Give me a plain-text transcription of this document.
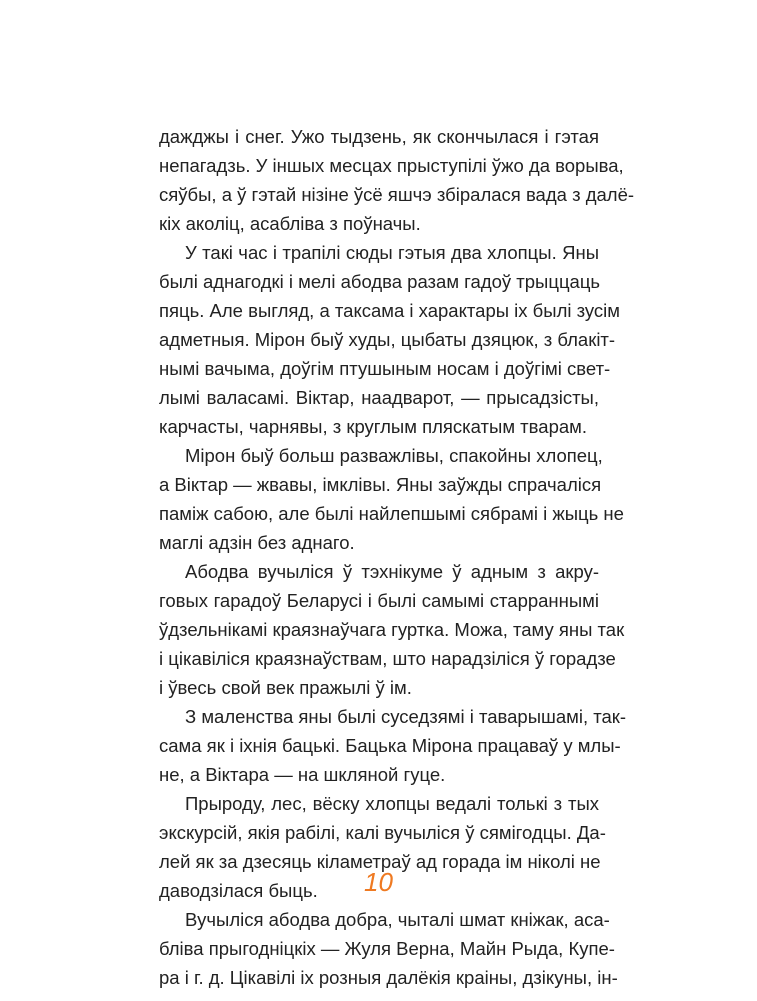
дажджы і снег. Ужо тыдзень, як скончылася і гэтая
непагадзь. У іншых месцах прыступілі ўжо да ворыва,
сяўбы, а ў гэтай нізіне ўсё яшчэ збіралася вада з далё-
кіх аколіц, асабліва з поўначы.
У такі час і трапілі сюды гэтыя два хлопцы. Яны
былі аднагодкі і мелі абодва разам гадоў трыццаць
пяць. Але выгляд, а таксама і характары іх былі зусім
адметныя. Мірон быў худы, цыбаты дзяцюк, з блакіт-
нымі вачыма, доўгім птушыным носам і доўгімі свет-
лымі валасамі. Віктар, наадварот, — прысадзісты,
карчасты, чарнявы, з круглым пляскатым тварам.
Мірон быў больш разважлівы, спакойны хлопец,
а Віктар — жвавы, імклівы. Яны заўжды спрачаліся
паміж сабою, але былі найлепшымі сябрамі і жыць не
маглі адзін без аднаго.
Абодва вучыліся ў тэхнікуме ў адным з акру-
говых гарадоў Беларусі і былі самымі старраннымі
ўдзельнікамі краязнаўчага гуртка. Можа, таму яны так
і цікавіліся краязнаўствам, што нарадзіліся ў горадзе
і ўвесь свой век пражылі ў ім.
З маленства яны былі суседзямі і таварышамі, так-
сама як і іхнія бацькі. Бацька Мірона працаваў у млы-
не, а Віктара — на шкляной гуце.
Прыроду, лес, вёску хлопцы ведалі толькі з тых
экскурсій, якія рабілі, калі вучыліся ў сямігодцы. Да-
лей як за дзесяць кіламетраў ад горада ім ніколі не
даводзілася быць.
Вучыліся абодва добра, чыталі шмат кніжак, аса-
бліва прыгодніцкіх — Жуля Верна, Майн Рыда, Купе-
ра і г. д. Цікавілі іх розныя далёкія краіны, дзікуны, ін-
10
